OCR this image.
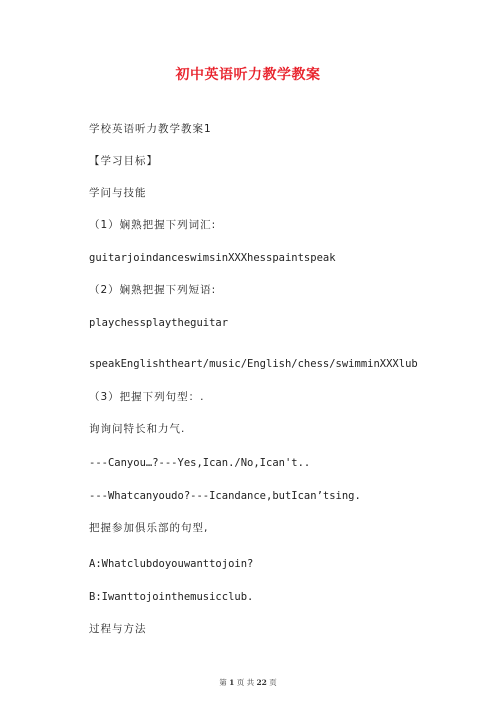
初中英语听力教学教案
学校英语听力教学教案1
【学习目标】
学问与技能
（1）娴熟把握下列词汇:
guitarjoindanceswimsinXXXhesspaintspeak
（2）娴熟把握下列短语:
playchessplaytheguitar
speakEnglishtheart/music/English/chess/swimminXXXlub
（3）把握下列句型：.
询询问特长和力气.
---Canyou…?---Yes,Ican./No,Ican't..
---Whatcanyoudo?---Icandance,butIcan’tsing.
把握参加俱乐部的句型,
A:Whatclubdoyouwanttojoin?
B:Iwanttojointhemusicclub.
过程与方法
第 1 页 共 22 页
